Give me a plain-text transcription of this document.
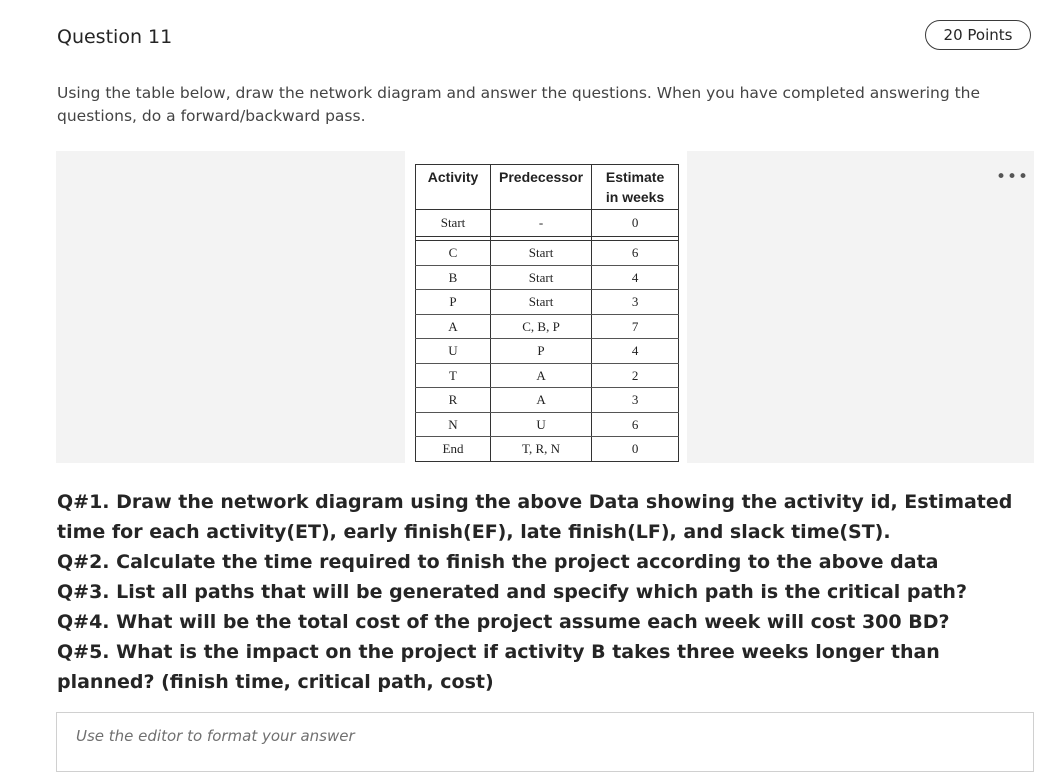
Question 11	20 Points
Using the table below, draw the network diagram and answer the questions. When you have completed answering the questions, do a forward/backward pass.
•••
Activity	Predecessor	Estimate in weeks
Start	-	0

C	Start	6
B	Start	4
P	Start	3
A	C, B, P	7
U	P	4
T	A	2
R	A	3
N	U	6
End	T, R, N	0
Q#1. Draw the network diagram using the above Data showing the activity id, Estimated time for each activity(ET), early finish(EF), late finish(LF), and slack time(ST).
Q#2. Calculate the time required to finish the project according to the above data
Q#3. List all paths that will be generated and specify which path is the critical path?
Q#4. What will be the total cost of the project assume each week will cost 300 BD?
Q#5. What is the impact on the project if activity B takes three weeks longer than planned? (finish time, critical path, cost)
Use the editor to format your answer
